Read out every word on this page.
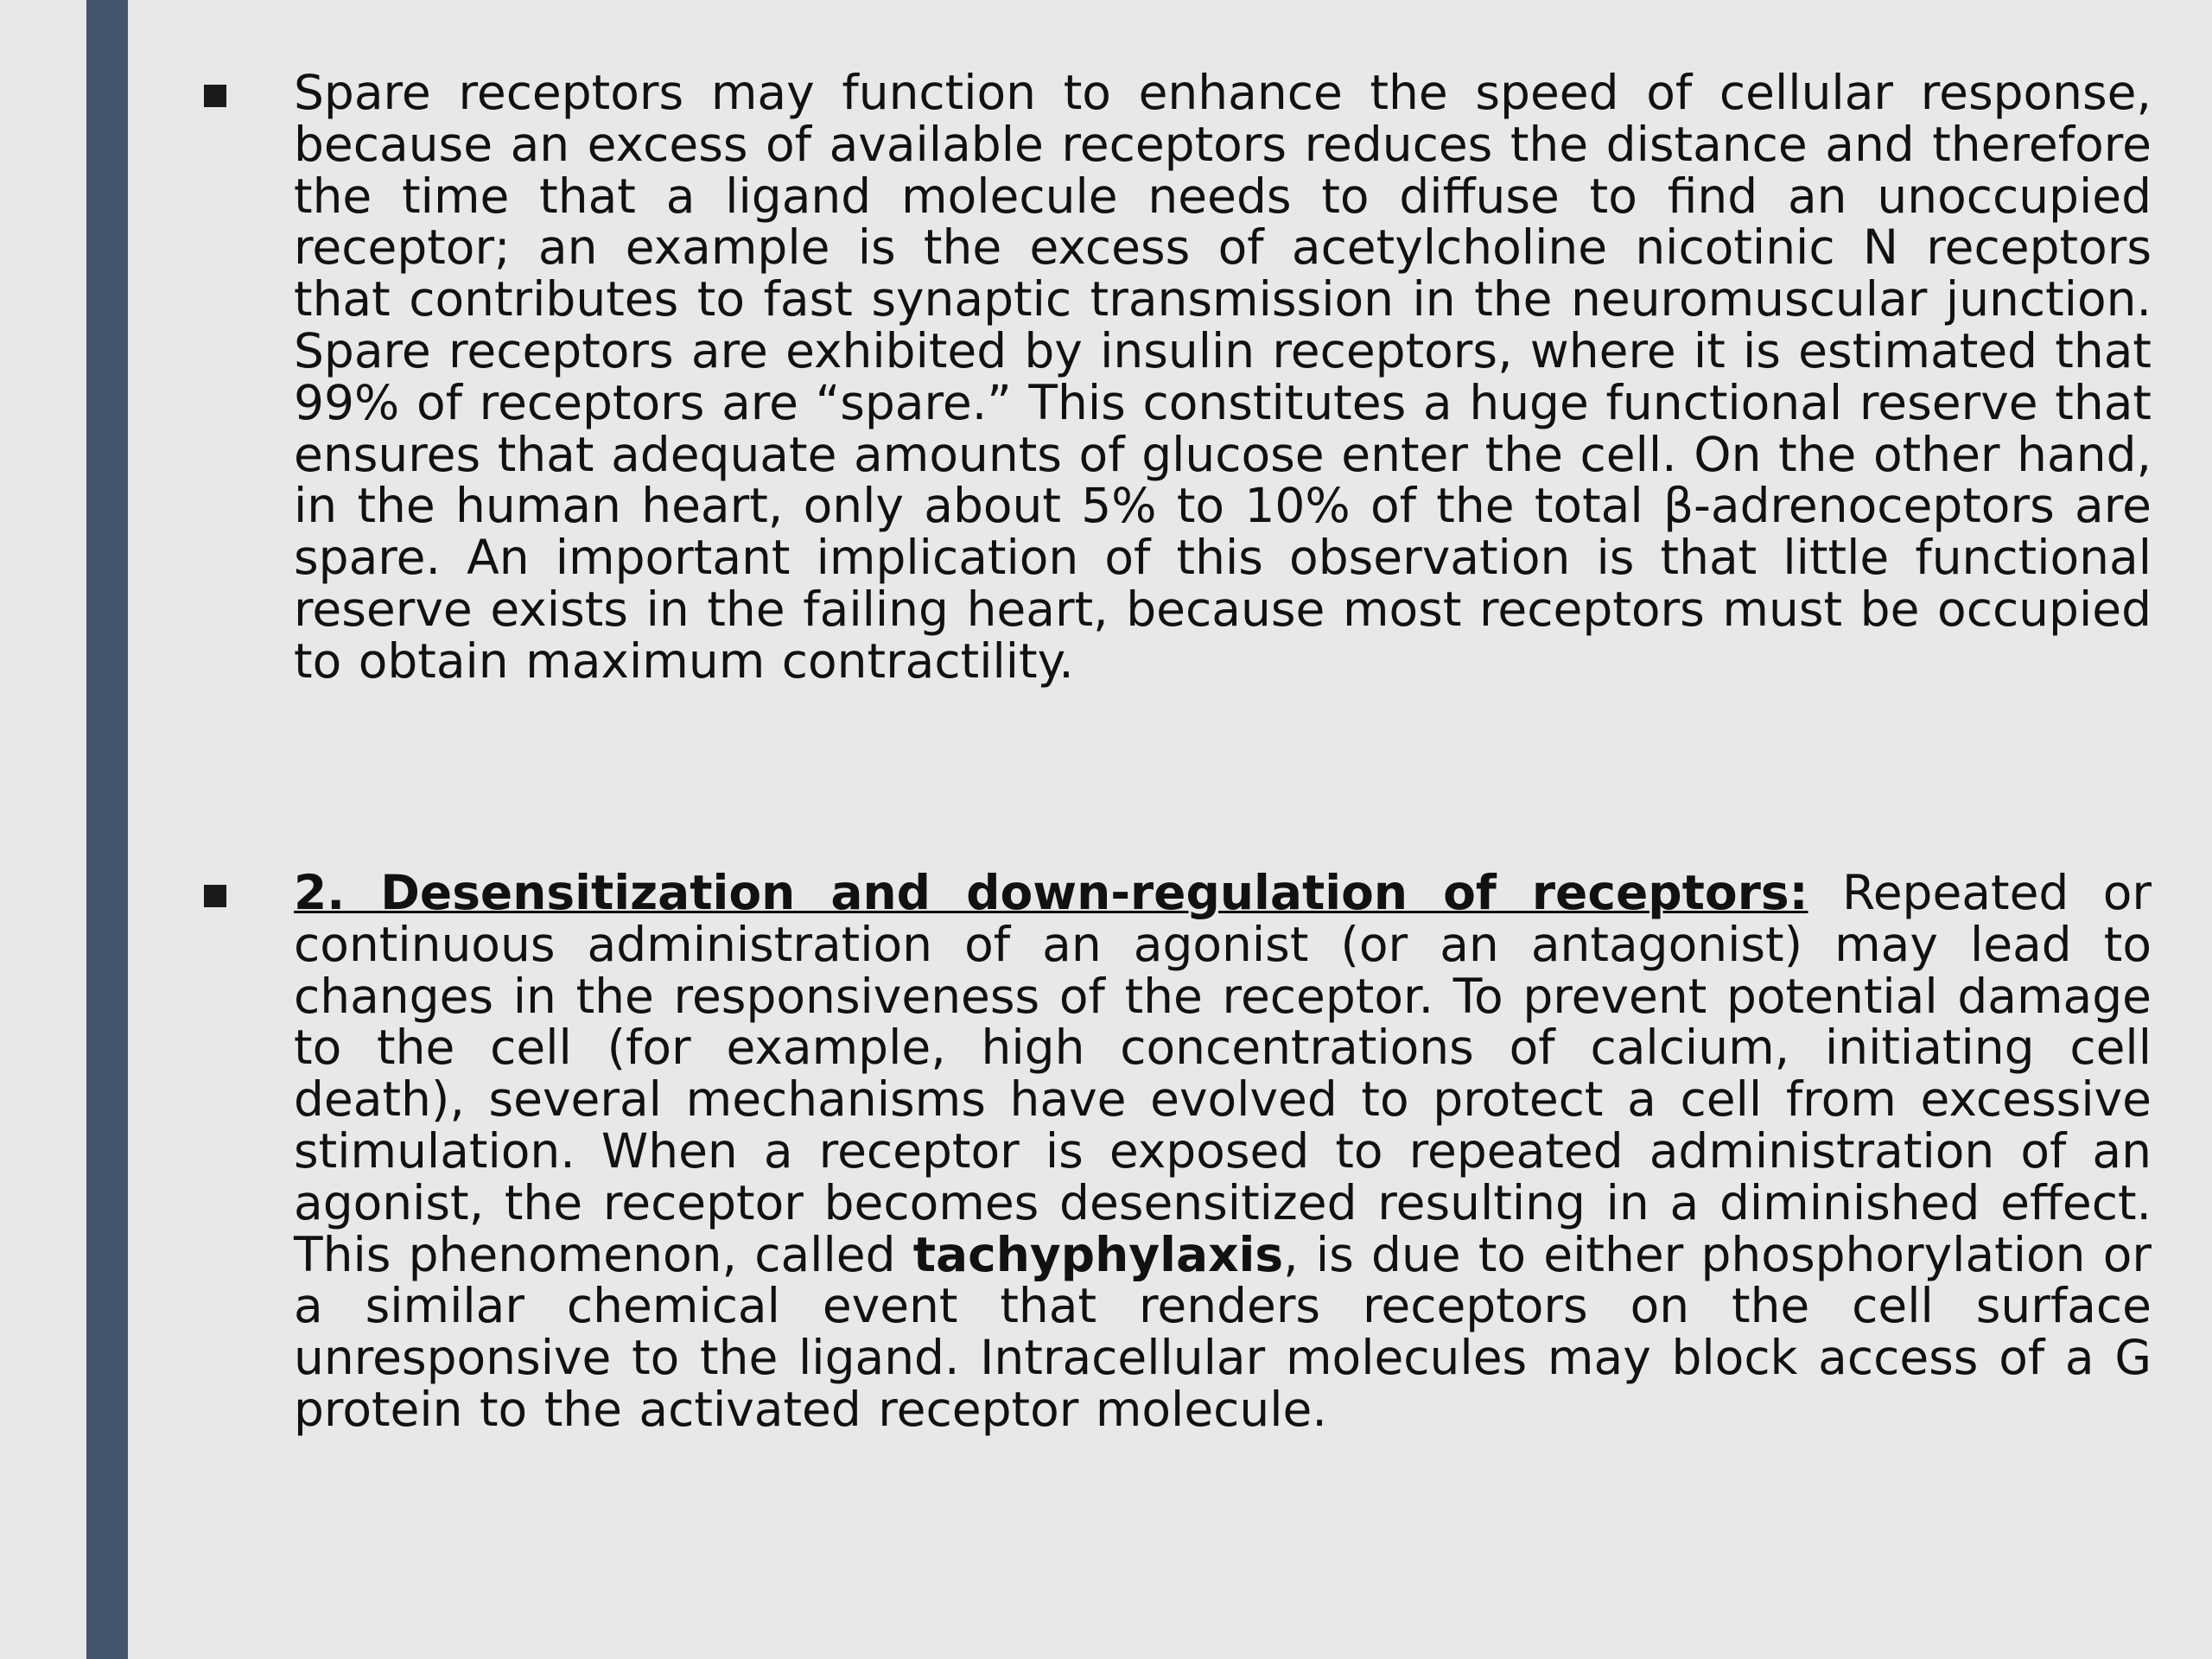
Spare receptors may function to enhance the speed of cellular response, because an excess of available receptors reduces the distance and therefore the time that a ligand molecule needs to diffuse to find an unoccupied receptor; an example is the excess of acetylcholine nicotinic N receptors that contributes to fast synaptic transmission in the neuromuscular junction. Spare receptors are exhibited by insulin receptors, where it is estimated that 99% of receptors are “spare.” This constitutes a huge functional reserve that ensures that adequate amounts of glucose enter the cell. On the other hand, in the human heart, only about 5% to 10% of the total β-adrenoceptors are spare. An important implication of this observation is that little functional reserve exists in the failing heart, because most receptors must be occupied to obtain maximum contractility.
2. Desensitization and down-regulation of receptors: Repeated or continuous administration of an agonist (or an antagonist) may lead to changes in the responsiveness of the receptor. To prevent potential damage to the cell (for example, high concentrations of calcium, initiating cell death), several mechanisms have evolved to protect a cell from excessive stimulation. When a receptor is exposed to repeated administration of an agonist, the receptor becomes desensitized resulting in a diminished effect. This phenomenon, called tachyphylaxis, is due to either phosphorylation or a similar chemical event that renders receptors on the cell surface unresponsive to the ligand. Intracellular molecules may block access of a G protein to the activated receptor molecule.
